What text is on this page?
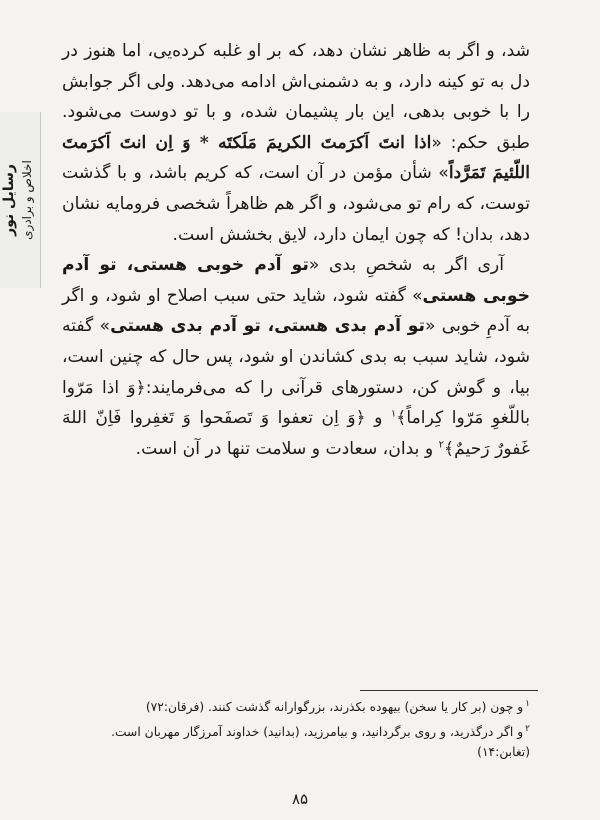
رسایل نور اخلاص و برادری

شد، و اگر به ظاهر نشان دهد، که بر او غلبه کرده‌یی، اما هنوز در دل به تو کینه دارد، و به دشمنی‌اش ادامه می‌دهد. ولی اگر جوابش را با خوبی بدهی، این بار پشیمان شده، و با تو دوست می‌شود. طبق حکم: «اذا انتَ اَکرَمتَ الکریمَ مَلَکتَه * وَ اِن انتَ اَکرَمتَ اللّئیمَ تَمَرَّداً» شأن مؤمن در آن است، که کریم باشد، و با گذشت توست، که رام تو می‌شود، و اگر هم ظاهراً شخصی فرومایه نشان دهد، بدان! که چون ایمان دارد، لایق بخشش است.

آری اگر به شخصِ بدی «تو آدم خوبی هستی، تو آدم خوبی هستی» گفته شود، شاید حتی سبب اصلاح او شود، و اگر به آدمِ خوبی «تو آدم بدی هستی، تو آدم بدی هستی» گفته شود، شاید سبب به بدی کشاندن او شود، پس حال که چنین است، بیا، و گوش کن، دستورهای قرآنی را که می‌فرمایند:﴿وَ اذا مَرّوا باللّغوِ مَرّوا کِراماً﴾$^۱$ و ﴿وَ اِن تعفوا وَ تَصفَحوا وَ تَغفِروا فَاِنّ اللهَ غَفورٌ رَحیمٌ﴾$^۲$ و بدان، سعادت و سلامت تنها در آن است.

$^۱$و چون (بر کار یا سخن) بیهوده بکذرند، بزرگوارانه گذشت کنند. (فرقان:۷۲)

$^۲$و اگر درگذرید، و روی برگردانید، و بیامرزید، (بدانید) خداوند آمرزگار مهربان است.(تغابن:۱۴)

۸۵
